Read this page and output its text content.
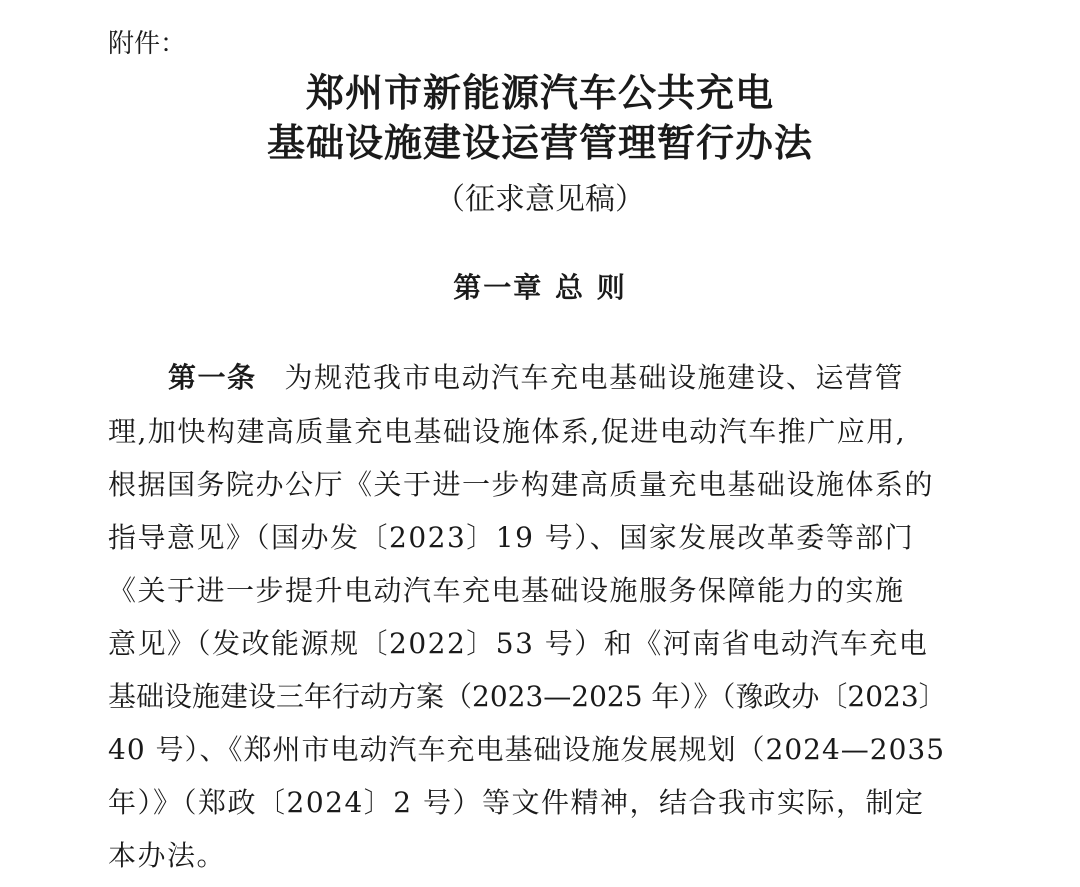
附件：
郑州市新能源汽车公共充电
基础设施建设运营管理暂行办法
（征求意见稿）
第一章 总 则
第一条 为规范我市电动汽车充电基础设施建设、运营管
理,加快构建高质量充电基础设施体系,促进电动汽车推广应用,
根据国务院办公厅《关于进一步构建高质量充电基础设施体系的
指导意见》（国办发〔2023〕19 号）、国家发展改革委等部门
《关于进一步提升电动汽车充电基础设施服务保障能力的实施
意见》（发改能源规〔2022〕53 号）和《河南省电动汽车充电
基础设施建设三年行动方案（2023—2025 年）》（豫政办〔2023〕
40 号）、《郑州市电动汽车充电基础设施发展规划（2024—2035
年）》（郑政〔2024〕2 号）等文件精神，结合我市实际，制定
本办法。
